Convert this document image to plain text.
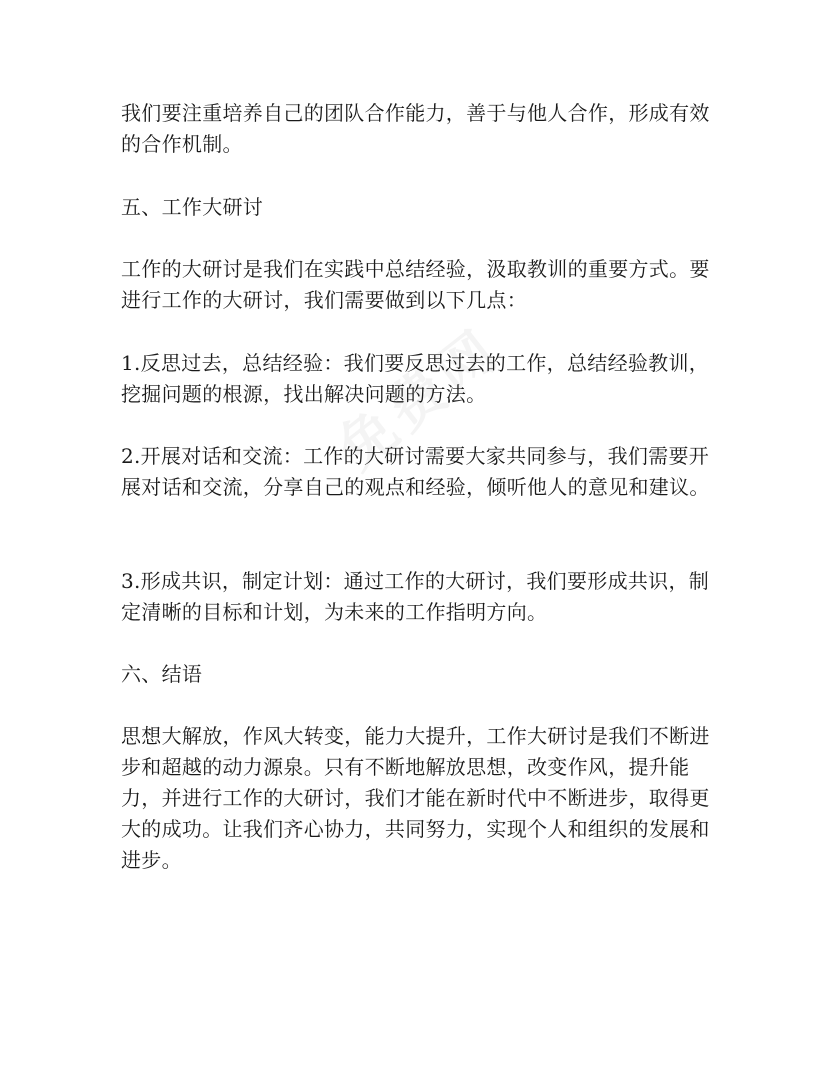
我们要注重培养自己的团队合作能力，善于与他人合作，形成有效的合作机制。

五、工作大研讨

工作的大研讨是我们在实践中总结经验，汲取教训的重要方式。要进行工作的大研讨，我们需要做到以下几点：

1.反思过去，总结经验：我们要反思过去的工作，总结经验教训，挖掘问题的根源，找出解决问题的方法。

2.开展对话和交流：工作的大研讨需要大家共同参与，我们需要开展对话和交流，分享自己的观点和经验，倾听他人的意见和建议。

3.形成共识，制定计划：通过工作的大研讨，我们要形成共识，制定清晰的目标和计划，为未来的工作指明方向。

六、结语

思想大解放，作风大转变，能力大提升，工作大研讨是我们不断进步和超越的动力源泉。只有不断地解放思想，改变作风，提升能力，并进行工作的大研讨，我们才能在新时代中不断进步，取得更大的成功。让我们齐心协力，共同努力，实现个人和组织的发展和进步。
